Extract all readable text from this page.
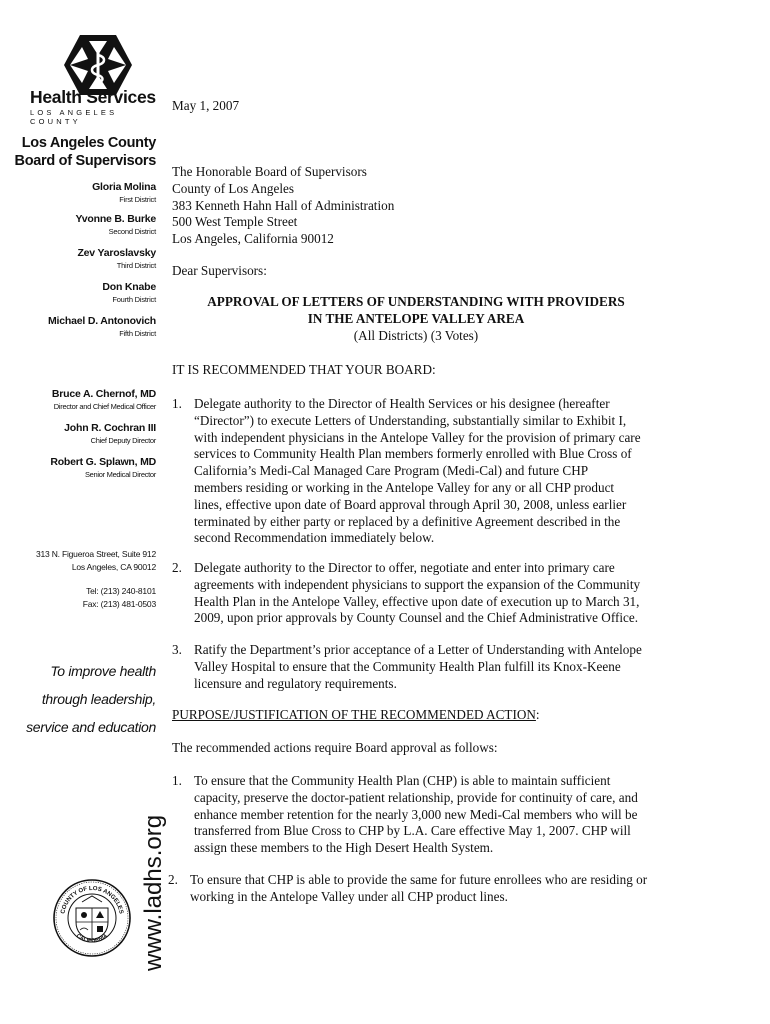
Health Services
LOS ANGELES COUNTY
Los Angeles County
Board of Supervisors
Gloria Molina
First District
Yvonne B. Burke
Second District
Zev Yaroslavsky
Third District
Don Knabe
Fourth District
Michael D. Antonovich
Fifth District
Bruce A. Chernof, MD
Director and Chief Medical Officer
John R. Cochran III
Chief Deputy Director
Robert G. Splawn, MD
Senior Medical Director
313 N. Figueroa Street, Suite 912
Los Angeles, CA 90012
Tel: (213) 240-8101
Fax: (213) 481-0503
To improve health
through leadership,
service and education
www.ladhs.org
COUNTY OF LOS ANGELES
CALIFORNIA
May 1, 2007
The Honorable Board of Supervisors
County of Los Angeles
383 Kenneth Hahn Hall of Administration
500 West Temple Street
Los Angeles, California 90012
Dear Supervisors:
APPROVAL OF LETTERS OF UNDERSTANDING WITH PROVIDERS
IN THE ANTELOPE VALLEY AREA
(All Districts) (3 Votes)
IT IS RECOMMENDED THAT YOUR BOARD:
1. Delegate authority to the Director of Health Services or his designee (hereafter
“Director”) to execute Letters of Understanding, substantially similar to Exhibit I,
with independent physicians in the Antelope Valley for the provision of primary care
services to Community Health Plan members formerly enrolled with Blue Cross of
California’s Medi-Cal Managed Care Program (Medi-Cal) and future CHP
members residing or working in the Antelope Valley for any or all CHP product
lines, effective upon date of Board approval through April 30, 2008, unless earlier
terminated by either party or replaced by a definitive Agreement described in the
second Recommendation immediately below.
2. Delegate authority to the Director to offer, negotiate and enter into primary care
agreements with independent physicians to support the expansion of the Community
Health Plan in the Antelope Valley, effective upon date of execution up to March 31,
2009, upon prior approvals by County Counsel and the Chief Administrative Office.
3. Ratify the Department’s prior acceptance of a Letter of Understanding with Antelope
Valley Hospital to ensure that the Community Health Plan fulfill its Knox-Keene
licensure and regulatory requirements.
PURPOSE/JUSTIFICATION OF THE RECOMMENDED ACTION:
The recommended actions require Board approval as follows:
1. To ensure that the Community Health Plan (CHP) is able to maintain sufficient
capacity, preserve the doctor-patient relationship, provide for continuity of care, and
enhance member retention for the nearly 3,000 new Medi-Cal members who will be
transferred from Blue Cross to CHP by L.A. Care effective May 1, 2007. CHP will
assign these members to the High Desert Health System.
2. To ensure that CHP is able to provide the same for future enrollees who are residing or
working in the Antelope Valley under all CHP product lines.
